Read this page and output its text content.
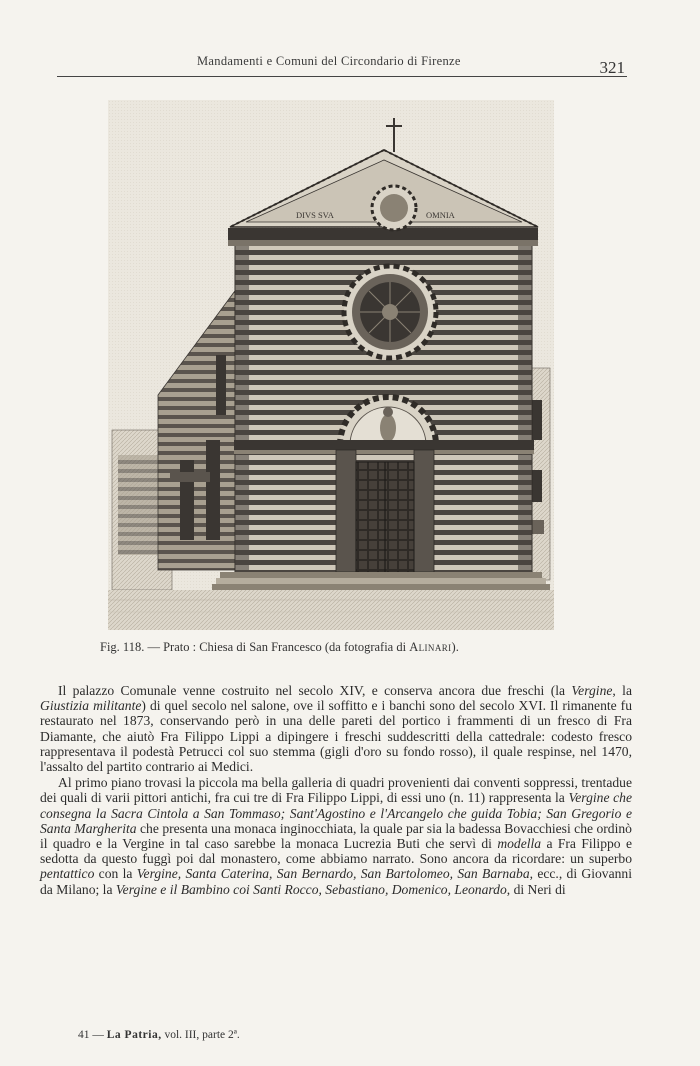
Mandamenti e Comuni del Circondario di Firenze	321
DIVS SVA	OMNIA
Fig. 118. — Prato : Chiesa di San Francesco (da fotografia di Alinari).

Il palazzo Comunale venne costruito nel secolo XIV, e conserva ancora due freschi (la Vergine, la Giustizia militante) di quel secolo nel salone, ove il soffitto e i banchi sono del secolo XVI. Il rimanente fu restaurato nel 1873, conservando però in una delle pareti del portico i frammenti di un fresco di Fra Diamante, che aiutò Fra Filippo Lippi a dipingere i freschi suddescritti della cattedrale: codesto fresco rappresentava il podestà Petrucci col suo stemma (gigli d'oro su fondo rosso), il quale respinse, nel 1470, l'assalto del partito contrario ai Medici.

Al primo piano trovasi la piccola ma bella galleria di quadri provenienti dai conventi soppressi, trentadue dei quali di varii pittori antichi, fra cui tre di Fra Filippo Lippi, di essi uno (n. 11) rappresenta la Vergine che consegna la Sacra Cintola a San Tommaso; Sant'Agostino e l'Arcangelo che guida Tobia; San Gregorio e Santa Margherita che presenta una monaca inginocchiata, la quale par sia la badessa Bovacchiesi che ordinò il quadro e la Vergine in tal caso sarebbe la monaca Lucrezia Buti che servì di modella a Fra Filippo e sedotta da questo fuggì poi dal monastero, come abbiamo narrato. Sono ancora da ricordare: un superbo pentattico con la Vergine, Santa Caterina, San Bernardo, San Bartolomeo, San Barnaba, ecc., di Giovanni da Milano; la Vergine e il Bambino coi Santi Rocco, Sebastiano, Domenico, Leonardo, di Neri di

41 — La Patria, vol. III, parte 2ª.
